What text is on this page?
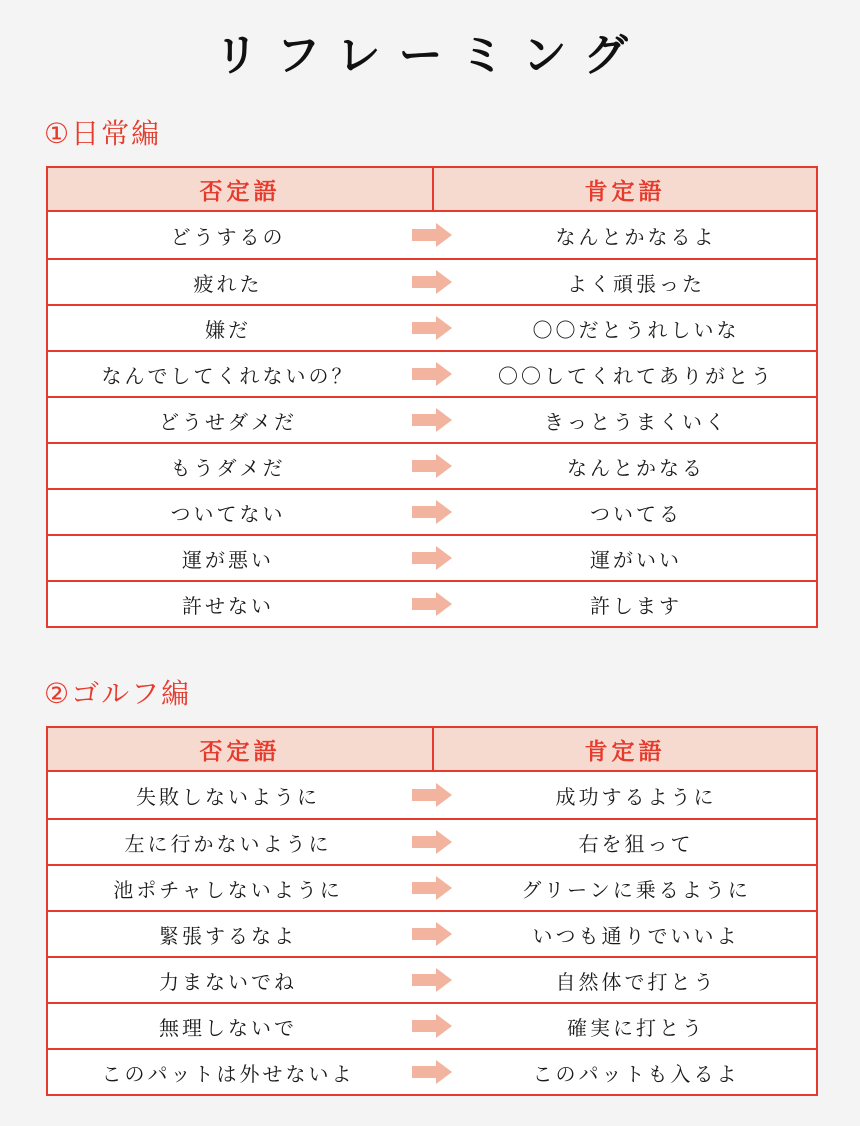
リフレーミング
①日常編
否定語	肯定語
どうするの	なんとかなるよ
疲れた	よく頑張った
嫌だ	〇〇だとうれしいな
なんでしてくれないの？	〇〇してくれてありがとう
どうせダメだ	きっとうまくいく
もうダメだ	なんとかなる
ついてない	ついてる
運が悪い	運がいい
許せない	許します
②ゴルフ編
否定語	肯定語
失敗しないように	成功するように
左に行かないように	右を狙って
池ポチャしないように	グリーンに乗るように
緊張するなよ	いつも通りでいいよ
力まないでね	自然体で打とう
無理しないで	確実に打とう
このパットは外せないよ	このパットも入るよ
